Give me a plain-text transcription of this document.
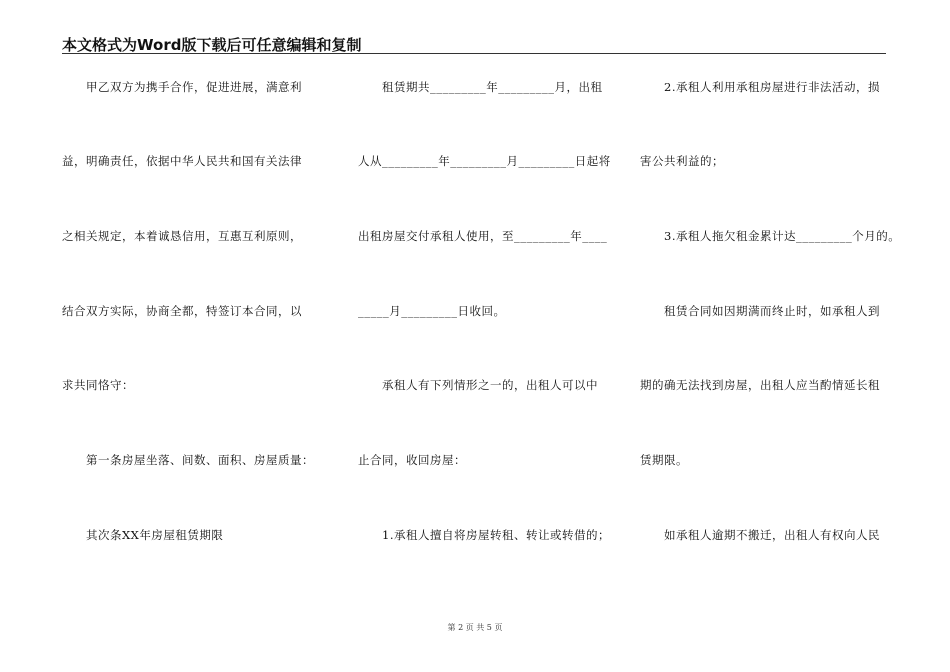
本文格式为Word版下载后可任意编辑和复制
　　甲乙双方为携手合作，促进进展，满意利
益，明确责任，依据中华人民共和国有关法律
之相关规定，本着诚恳信用，互惠互利原则，
结合双方实际，协商全都，特签订本合同，以
求共同恪守：
　　第一条房屋坐落、间数、面积、房屋质量：
　　其次条XX年房屋租赁期限
　　租赁期共_________年_________月，出租
人从_________年_________月_________日起将
出租房屋交付承租人使用，至_________年____
_____月_________日收回。
　　承租人有下列情形之一的，出租人可以中
止合同，收回房屋：
　　1.承租人擅自将房屋转租、转让或转借的；
　　2.承租人利用承租房屋进行非法活动，损
害公共利益的；
　　3.承租人拖欠租金累计达_________个月的。
　　租赁合同如因期满而终止时，如承租人到
期的确无法找到房屋，出租人应当酌情延长租
赁期限。
　　如承租人逾期不搬迁，出租人有权向人民
第 2 页 共 5 页
